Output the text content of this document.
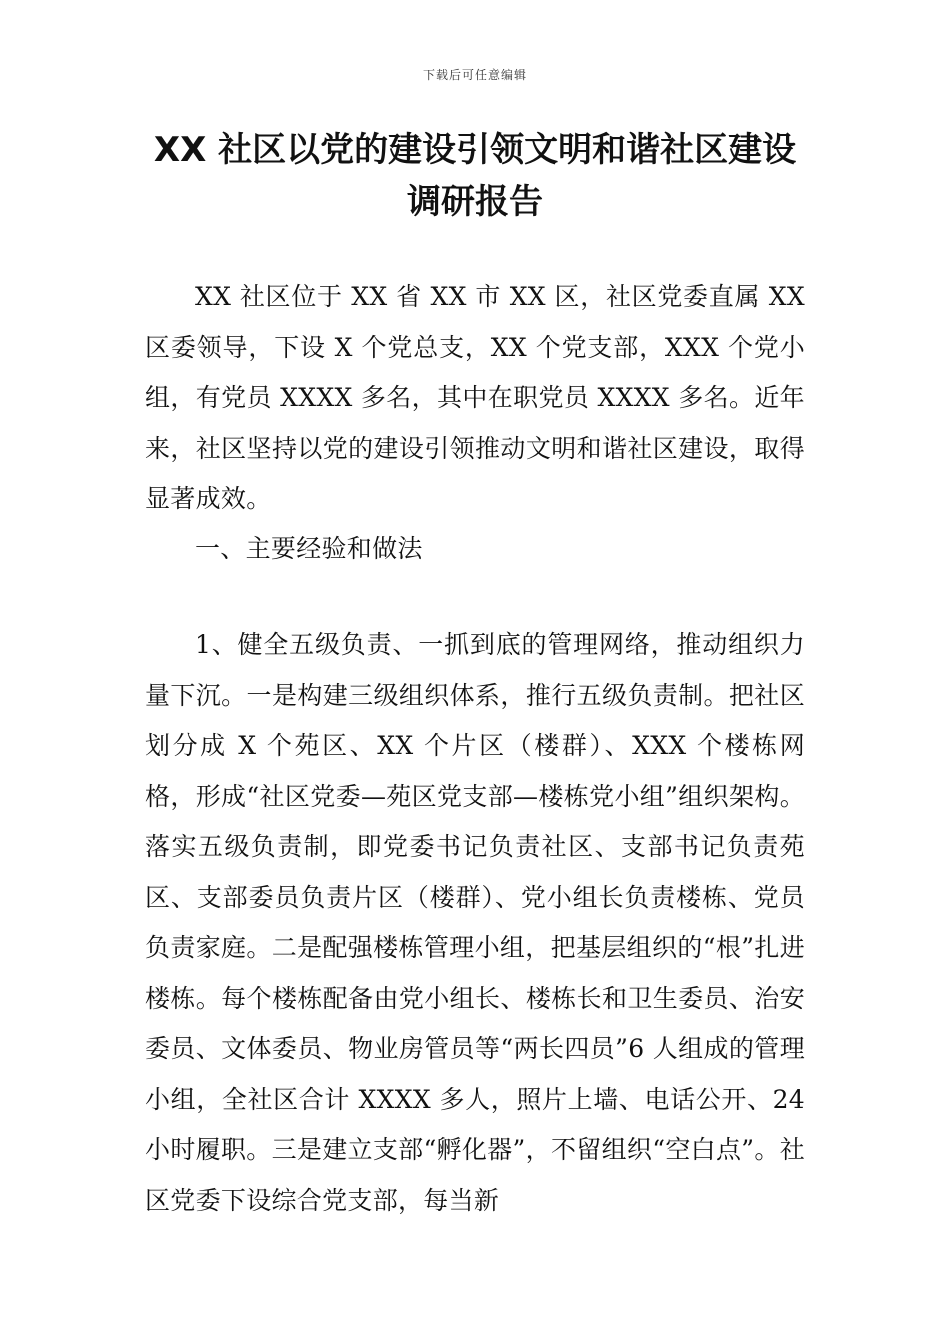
下载后可任意编辑
XX 社区以党的建设引领文明和谐社区建设
调研报告

XX 社区位于 XX 省 XX 市 XX 区，社区党委直属 XX 区委领导，下设 X 个党总支，XX 个党支部，XXX 个党小组，有党员 XXXX 多名，其中在职党员 XXXX 多名。近年来，社区坚持以党的建设引领推动文明和谐社区建设，取得显著成效。

一、主要经验和做法

1、健全五级负责、一抓到底的管理网络，推动组织力量下沉。一是构建三级组织体系，推行五级负责制。把社区划分成 X 个苑区、XX 个片区（楼群）、XXX 个楼栋网格，形成“社区党委—苑区党支部—楼栋党小组”组织架构。落实五级负责制，即党委书记负责社区、支部书记负责苑区、支部委员负责片区（楼群）、党小组长负责楼栋、党员负责家庭。二是配强楼栋管理小组，把基层组织的“根”扎进楼栋。每个楼栋配备由党小组长、楼栋长和卫生委员、治安委员、文体委员、物业房管员等“两长四员”6 人组成的管理小组，全社区合计 XXXX 多人，照片上墙、电话公开、24 小时履职。三是建立支部“孵化器”，不留组织“空白点”。社区党委下设综合党支部，每当新
